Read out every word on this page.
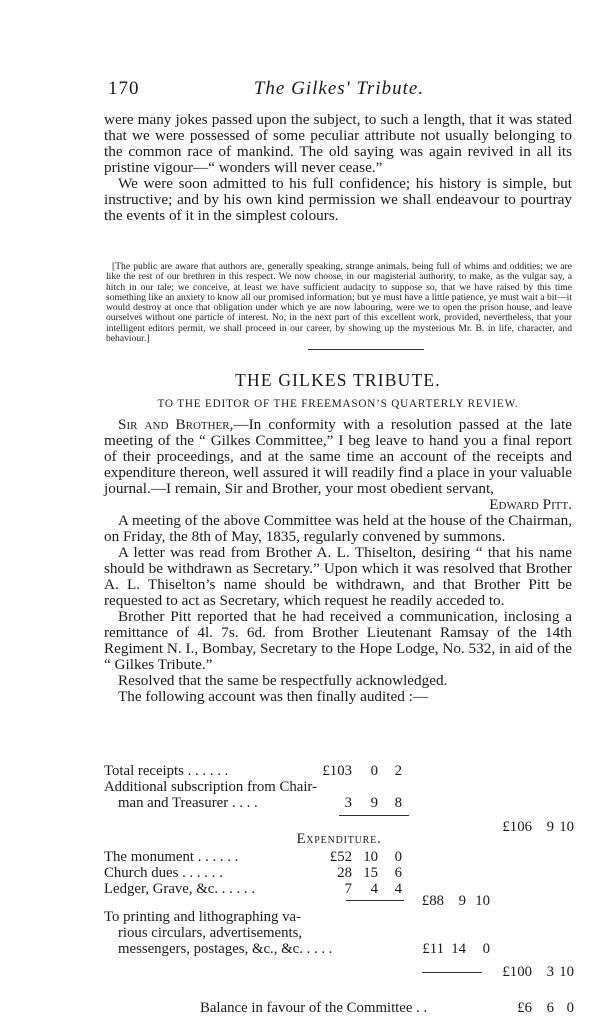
170	The Gilkes' Tribute.

were many jokes passed upon the subject, to such a length, that it was stated that we were possessed of some peculiar attribute not usually belonging to the common race of mankind. The old saying was again revived in all its pristine vigour—“ wonders will never cease.”

We were soon admitted to his full confidence; his history is simple, but instructive; and by his own kind permission we shall endeavour to pourtray the events of it in the simplest colours.

[The public are aware that authors are, generally speaking, strange animals, being full of whims and oddities; we are like the rest of our brethren in this respect. We now choose, in our magisterial authority, to make, as the vulgar say, a hitch in our tale; we conceive, at least we have sufficient audacity to suppose so, that we have raised by this time something like an anxiety to know all our promised information; but ye must have a little patience, ye must wait a bit—it would destroy at once that obligation under which ye are now labouring, were we to open the prison house, and leave ourselves without one particle of interest. No, in the next part of this excellent work, provided, nevertheless, that your intelligent editors permit, we shall proceed in our career, by showing up the mysterious Mr. B. in life, character, and behaviour.]

THE GILKES TRIBUTE.
TO THE EDITOR OF THE FREEMASON’S QUARTERLY REVIEW.

Sir and Brother,—In conformity with a resolution passed at the late meeting of the “ Gilkes Committee,” I beg leave to hand you a final report of their proceedings, and at the same time an account of the receipts and expenditure thereon, well assured it will readily find a place in your valuable journal.—I remain, Sir and Brother, your most obedient servant,

Edward Pitt.

A meeting of the above Committee was held at the house of the Chairman, on Friday, the 8th of May, 1835, regularly convened by summons.

A letter was read from Brother A. L. Thiselton, desiring “ that his name should be withdrawn as Secretary.” Upon which it was resolved that Brother A. L. Thiselton’s name should be withdrawn, and that Brother Pitt be requested to act as Secretary, which request he readily acceded to.

Brother Pitt reported that he had received a communication, inclosing a remittance of 4l. 7s. 6d. from Brother Lieutenant Ramsay of the 14th Regiment N. I., Bombay, Secretary to the Hope Lodge, No. 532, in aid of the “ Gilkes Tribute.”

Resolved that the same be respectfully acknowledged.

The following account was then finally audited :—

Total receipts . . . . . .	£103	0	2
Additional subscription from Chair-
man and Treasurer . . . .	3	9	8
£106 9 10
Expenditure.
The monument . . . . . .	£52 10	0
Church dues . . . . . .	28 15	6
Ledger, Grave, &c. . . . . .	7	4	4
£88 9 10
To printing and lithographing va-
rious circulars, advertisements,
messengers, postages, &c., &c. . . . .	£11 14	0
£100 3 10
Balance in favour of the Committee . .	£6 6 0
